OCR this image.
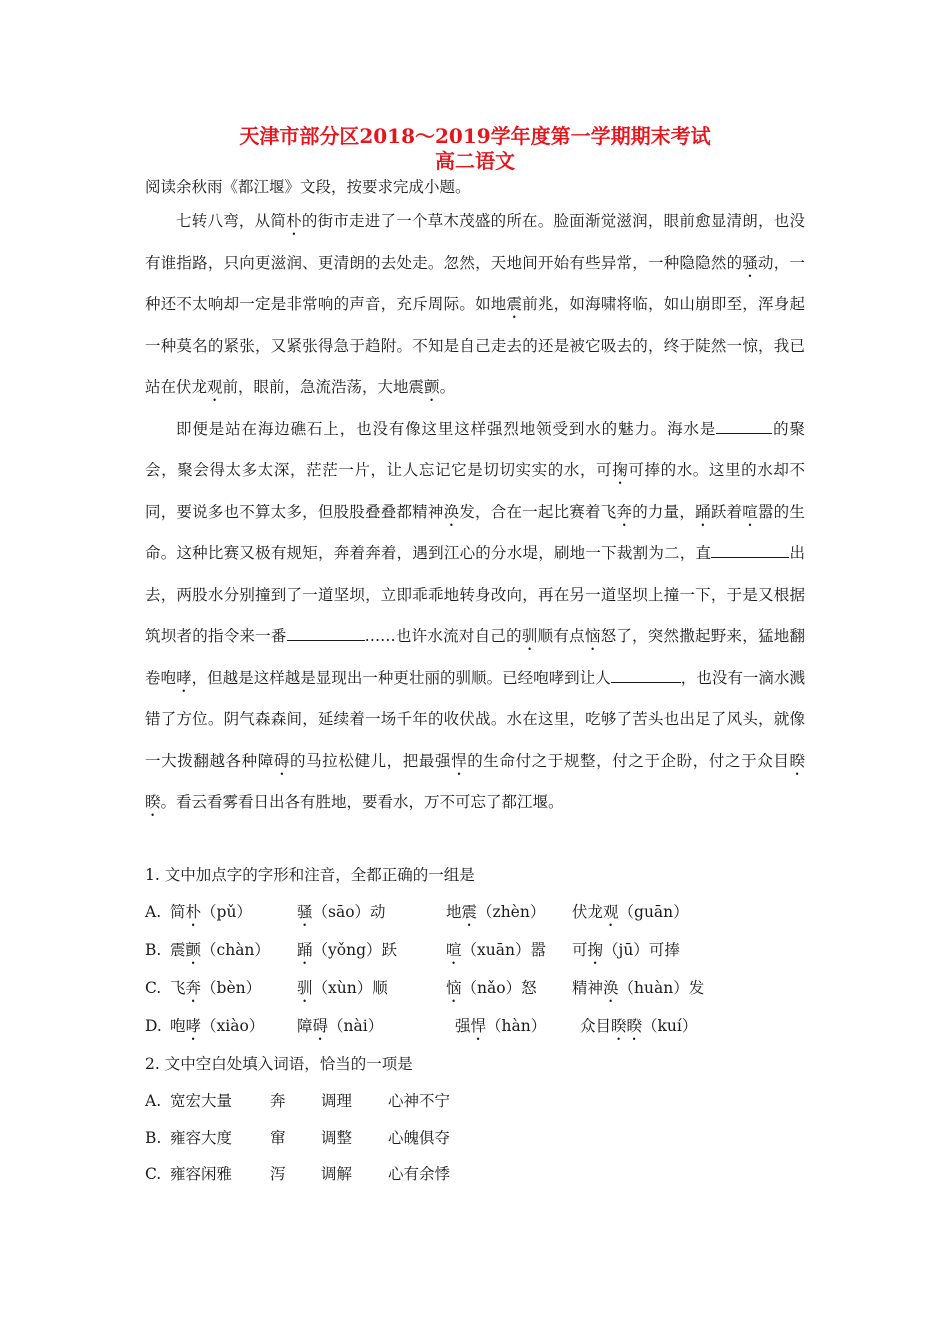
天津市部分区2018～2019学年度第一学期期末考试
高二语文
阅读余秋雨《都江堰》文段，按要求完成小题。

七转八弯，从简朴的街市走进了一个草木茂盛的所在。脸面渐觉滋润，眼前愈显清朗，也没有谁指路，只向更滋润、更清朗的去处走。忽然，天地间开始有些异常，一种隐隐然的骚动，一种还不太响却一定是非常响的声音，充斥周际。如地震前兆，如海啸将临，如山崩即至，浑身起一种莫名的紧张，又紧张得急于趋附。不知是自己走去的还是被它吸去的，终于陡然一惊，我已站在伏龙观前，眼前，急流浩荡，大地震颤。

即便是站在海边礁石上，也没有像这里这样强烈地领受到水的魅力。海水是	的聚会，聚会得太多太深，茫茫一片，让人忘记它是切切实实的水，可掬可捧的水。这里的水却不同，要说多也不算太多，但股股叠叠都精神涣发，合在一起比赛着飞奔的力量，踊跃着喧嚣的生命。这种比赛又极有规矩，奔着奔着，遇到江心的分水堤，刷地一下裁割为二，直	出去，两股水分别撞到了一道坚坝，立即乖乖地转身改向，再在另一道坚坝上撞一下，于是又根据筑坝者的指令来一番	……也许水流对自己的驯顺有点恼怒了，突然撒起野来，猛地翻卷咆哮，但越是这样越是显现出一种更壮丽的驯顺。已经咆哮到让人	，也没有一滴水溅错了方位。阴气森森间，延续着一场千年的收伏战。水在这里，吃够了苦头也出足了风头，就像一大拨翻越各种障碍的马拉松健儿，把最强悍的生命付之于规整，付之于企盼，付之于众目睽睽。看云看雾看日出各有胜地，要看水，万不可忘了都江堰。

1. 文中加点字的字形和注音，全都正确的一组是
A. 简朴（pǔ）	骚（sāo）动	地震（zhèn） 伏龙观（guān）
B. 震颤（chàn） 踊（yǒng）跃	喧（xuān）嚣 可掬（jū）可捧
C. 飞奔（bèn） 驯（xùn）顺	恼（nǎo）怒 精神涣（huàn）发
D. 咆哮（xiào） 障碍（nài）	强悍（hàn） 众目睽睽（kuí）
2. 文中空白处填入词语，恰当的一项是
A. 宽宏大量 奔 调理 心神不宁
B. 雍容大度 窜 调整 心魄俱夺
C. 雍容闲雅 泻 调解 心有余悸
